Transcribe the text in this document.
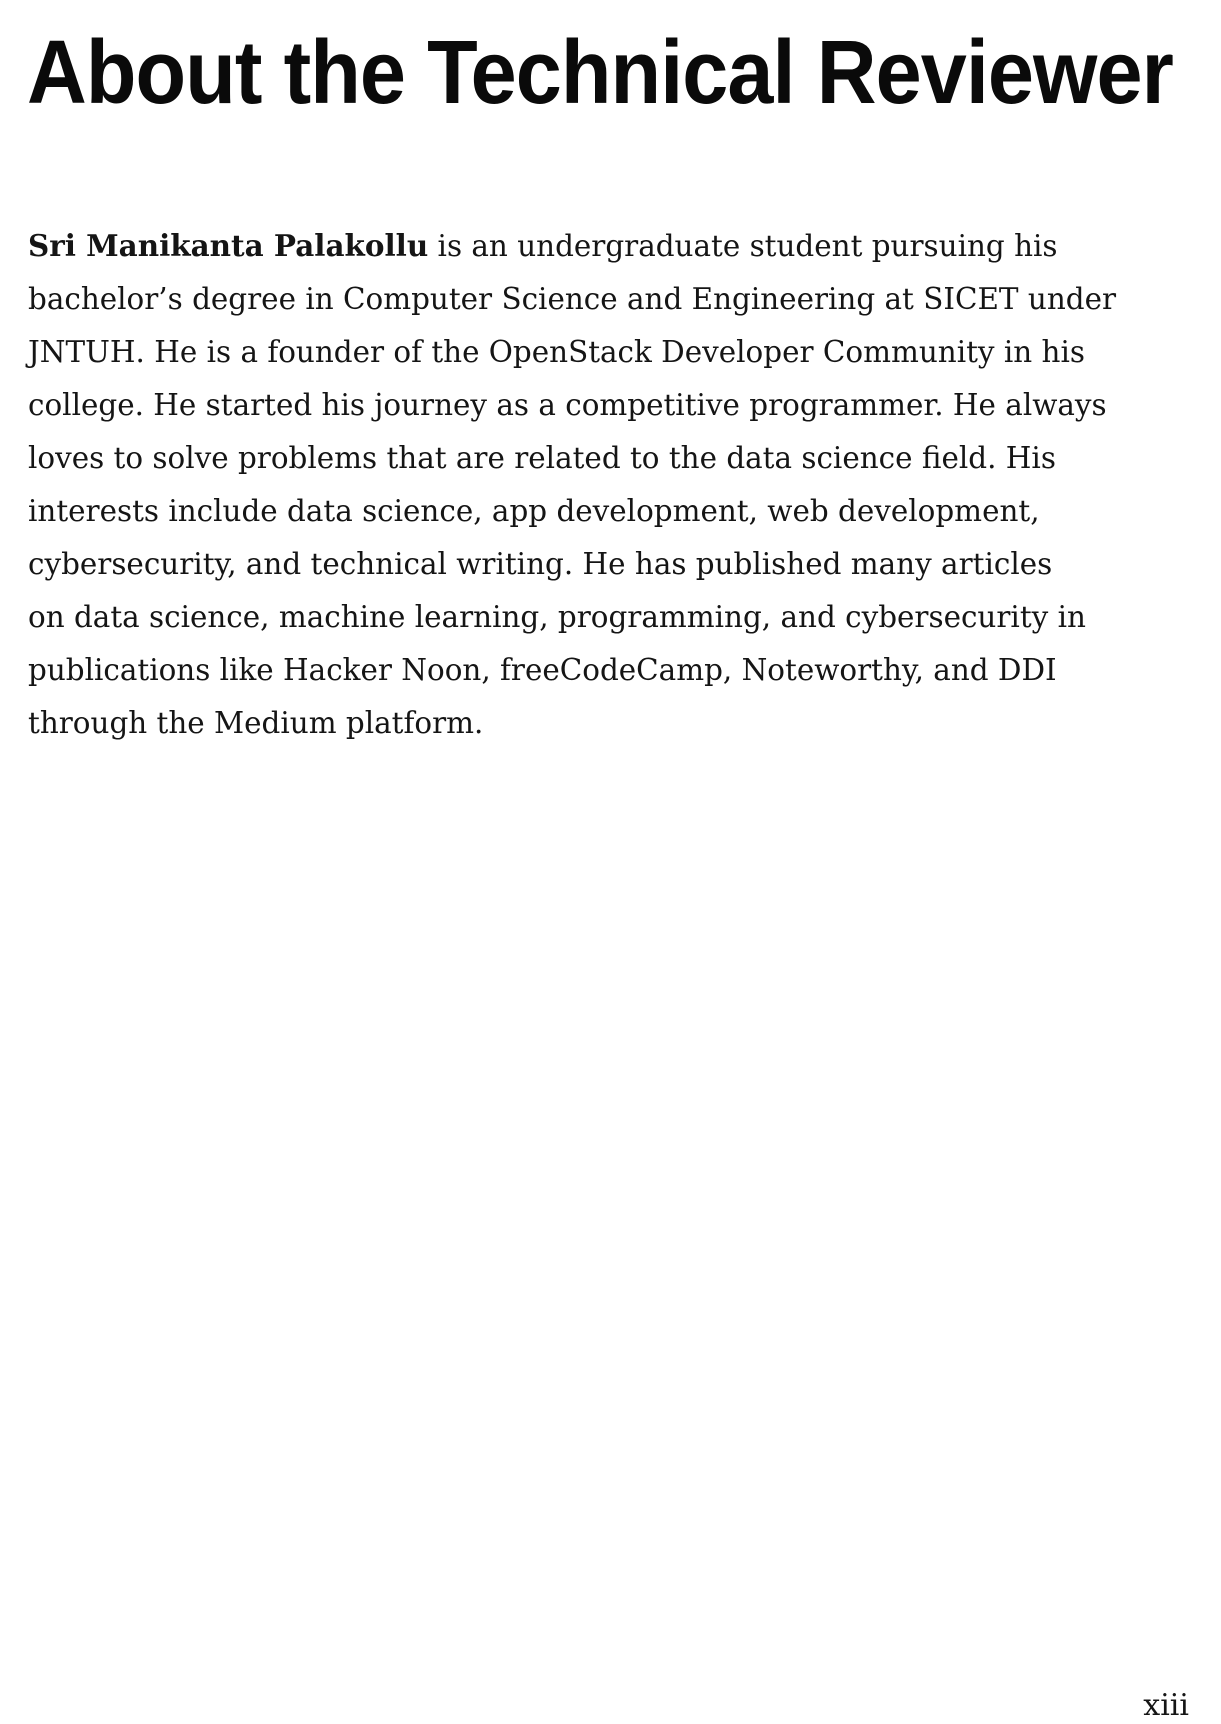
About the Technical Reviewer

Sri Manikanta Palakollu is an undergraduate student pursuing his
bachelor’s degree in Computer Science and Engineering at SICET under
JNTUH. He is a founder of the OpenStack Developer Community in his
college. He started his journey as a competitive programmer. He always
loves to solve problems that are related to the data science field. His
interests include data science, app development, web development,
cybersecurity, and technical writing. He has published many articles
on data science, machine learning, programming, and cybersecurity in
publications like Hacker Noon, freeCodeCamp, Noteworthy, and DDI
through the Medium platform.

xiii
